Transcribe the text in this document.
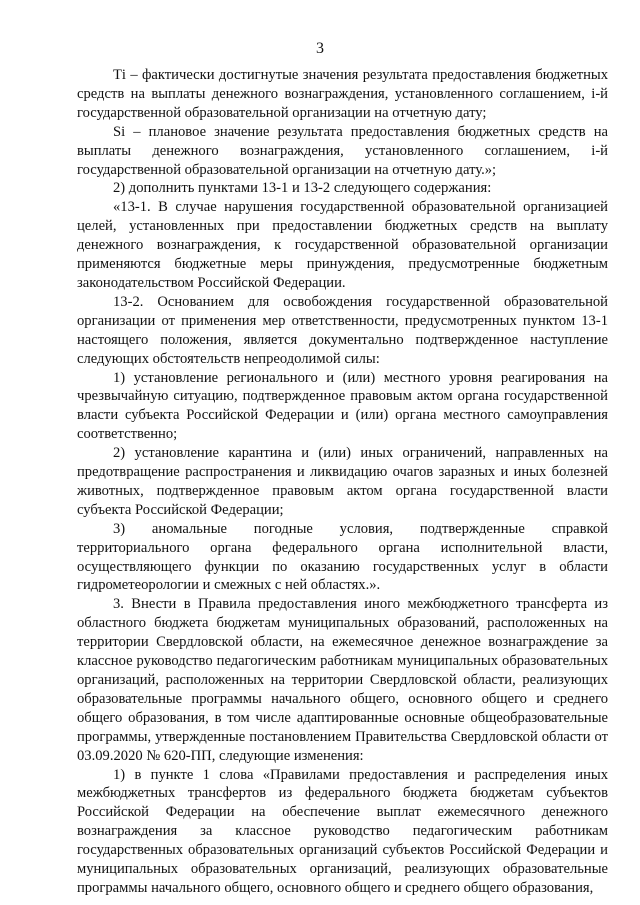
3

Тi – фактически достигнутые значения результата предоставления бюджетных средств на выплаты денежного вознаграждения, установленного соглашением, i-й государственной образовательной организации на отчетную дату;

Si – плановое значение результата предоставления бюджетных средств на выплаты денежного вознаграждения, установленного соглашением, i-й государственной образовательной организации на отчетную дату.»;

2) дополнить пунктами 13-1 и 13-2 следующего содержания:

«13-1. В случае нарушения государственной образовательной организацией целей, установленных при предоставлении бюджетных средств на выплату денежного вознаграждения, к государственной образовательной организации применяются бюджетные меры принуждения, предусмотренные бюджетным законодательством Российской Федерации.

13-2. Основанием для освобождения государственной образовательной организации от применения мер ответственности, предусмотренных пунктом 13-1 настоящего положения, является документально подтвержденное наступление следующих обстоятельств непреодолимой силы:

1) установление регионального и (или) местного уровня реагирования на чрезвычайную ситуацию, подтвержденное правовым актом органа государственной власти субъекта Российской Федерации и (или) органа местного самоуправления соответственно;

2) установление карантина и (или) иных ограничений, направленных на предотвращение распространения и ликвидацию очагов заразных и иных болезней животных, подтвержденное правовым актом органа государственной власти субъекта Российской Федерации;

3) аномальные погодные условия, подтвержденные справкой территориального органа федерального органа исполнительной власти, осуществляющего функции по оказанию государственных услуг в области гидрометеорологии и смежных с ней областях.».

3. Внести в Правила предоставления иного межбюджетного трансферта из областного бюджета бюджетам муниципальных образований, расположенных на территории Свердловской области, на ежемесячное денежное вознаграждение за классное руководство педагогическим работникам муниципальных образовательных организаций, расположенных на территории Свердловской области, реализующих образовательные программы начального общего, основного общего и среднего общего образования, в том числе адаптированные основные общеобразовательные программы, утвержденные постановлением Правительства Свердловской области от 03.09.2020 № 620-ПП, следующие изменения:

1) в пункте 1 слова «Правилами предоставления и распределения иных межбюджетных трансфертов из федерального бюджета бюджетам субъектов Российской Федерации на обеспечение выплат ежемесячного денежного вознаграждения за классное руководство педагогическим работникам государственных образовательных организаций субъектов Российской Федерации и муниципальных образовательных организаций, реализующих образовательные программы начального общего, основного общего и среднего общего образования,
